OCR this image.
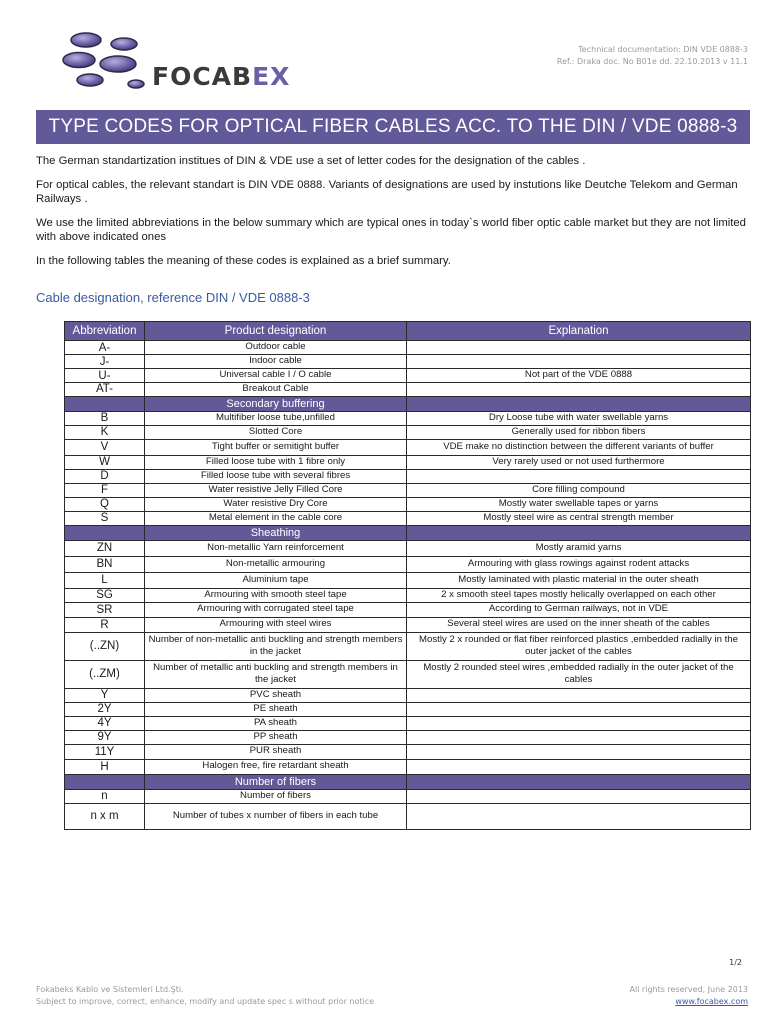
FOCABEX
Technical documentation: DIN VDE 0888-3
Ref.: Draka doc. No B01e dd. 22.10.2013 v 11.1
TYPE CODES FOR OPTICAL FIBER CABLES ACC. TO THE DIN / VDE 0888-3

The German standartization institues of DIN & VDE use a set of letter codes for the designation of the cables .

For optical cables, the relevant standart is DIN VDE 0888. Variants of designations are used by instutions like Deutche Telekom and German Railways .

We use the limited abbreviations in the below summary which are typical ones in today`s world fiber optic cable market but they are not limited with above indicated ones

In the following tables the meaning of these codes is explained as a brief summary.

Cable designation, reference DIN / VDE 0888-3
Abbreviation	Product designation	Explanation
A-	Outdoor cable	
J-	Indoor cable	
U-	Universal cable I / O cable	Not part of the VDE 0888
AT-	Breakout Cable	
	Secondary buffering	
B	Multifiber loose tube,unfilled	Dry Loose tube with water swellable yarns
K	Slotted Core	Generally used for ribbon fibers
V	Tight buffer or semitight buffer	VDE make no distinction between the different variants of buffer
W	Filled loose tube with 1 fibre only	Very rarely used or not used furthermore
D	Filled loose tube with several fibres	
F	Water resistive Jelly Filled Core	Core filling compound
Q	Water resistive Dry Core	Mostly water swellable tapes or yarns
S	Metal element in the cable core	Mostly steel wire as central strength member
	Sheathing	
ZN	Non-metallic Yarn reinforcement	Mostly aramid yarns
BN	Non-metallic armouring	Armouring with glass rowings against rodent attacks
L	Aluminium tape	Mostly laminated with plastic material in the outer sheath
SG	Armouring with smooth steel tape	2 x smooth steel tapes mostly helically overlapped on each other
SR	Armouring with corrugated steel tape	According to German railways, not in VDE
R	Armouring with steel wires	Several steel wires are used on the inner sheath of the cables
(..ZN)	Number of non-metallic anti buckling and strength members in the jacket	Mostly 2 x rounded or flat fiber reinforced plastics ,embedded radially in the outer jacket of the cables
(..ZM)	Number of metallic anti buckling and strength members in the jacket	Mostly 2 rounded steel wires ,embedded radially in the outer jacket of the cables
Y	PVC sheath	
2Y	PE sheath	
4Y	PA sheath	
9Y	PP sheath	
11Y	PUR sheath	
H	Halogen free, fire retardant sheath	
	Number of fibers	
n	Number of fibers	
n x m	Number of tubes x number of fibers in each tube	
1/2
Fokabeks Kablo ve Sistemleri Ltd.Şti.
Subject to improve, correct, enhance, modify and update spec s without prior notice
All rights reserved, June 2013
www.focabex.com
